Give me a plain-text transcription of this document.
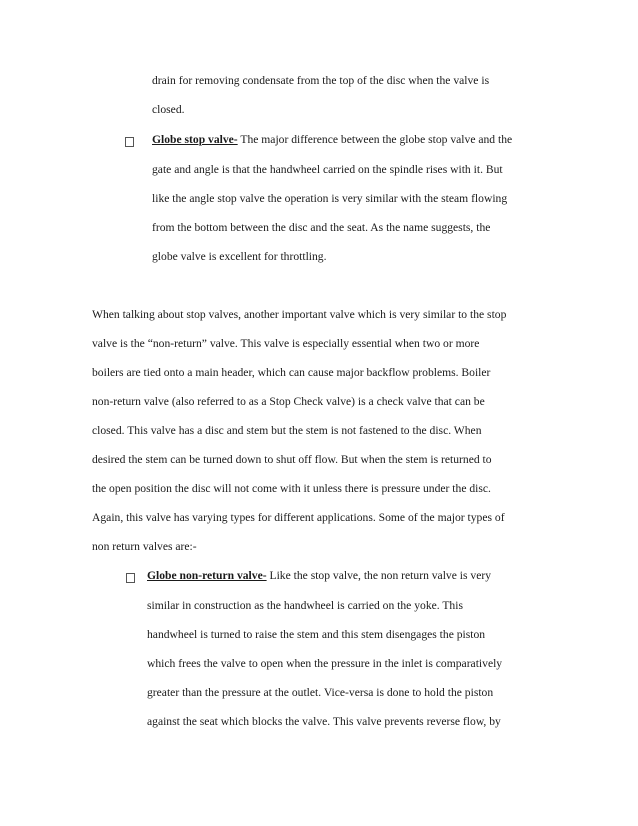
drain for removing condensate from the top of the disc when the valve is
closed.
Globe stop valve- The major difference between the globe stop valve and the
gate and angle is that the handwheel carried on the spindle rises with it. But
like the angle stop valve the operation is very similar with the steam flowing
from the bottom between the disc and the seat. As the name suggests, the
globe valve is excellent for throttling.
When talking about stop valves, another important valve which is very similar to the stop
valve is the “non-return” valve. This valve is especially essential when two or more
boilers are tied onto a main header, which can cause major backflow problems. Boiler
non-return valve (also referred to as a Stop Check valve) is a check valve that can be
closed. This valve has a disc and stem but the stem is not fastened to the disc. When
desired the stem can be turned down to shut off flow. But when the stem is returned to
the open position the disc will not come with it unless there is pressure under the disc.
Again, this valve has varying types for different applications. Some of the major types of
non return valves are:-
Globe non-return valve- Like the stop valve, the non return valve is very
similar in construction as the handwheel is carried on the yoke. This
handwheel is turned to raise the stem and this stem disengages the piston
which frees the valve to open when the pressure in the inlet is comparatively
greater than the pressure at the outlet. Vice-versa is done to hold the piston
against the seat which blocks the valve. This valve prevents reverse flow, by
